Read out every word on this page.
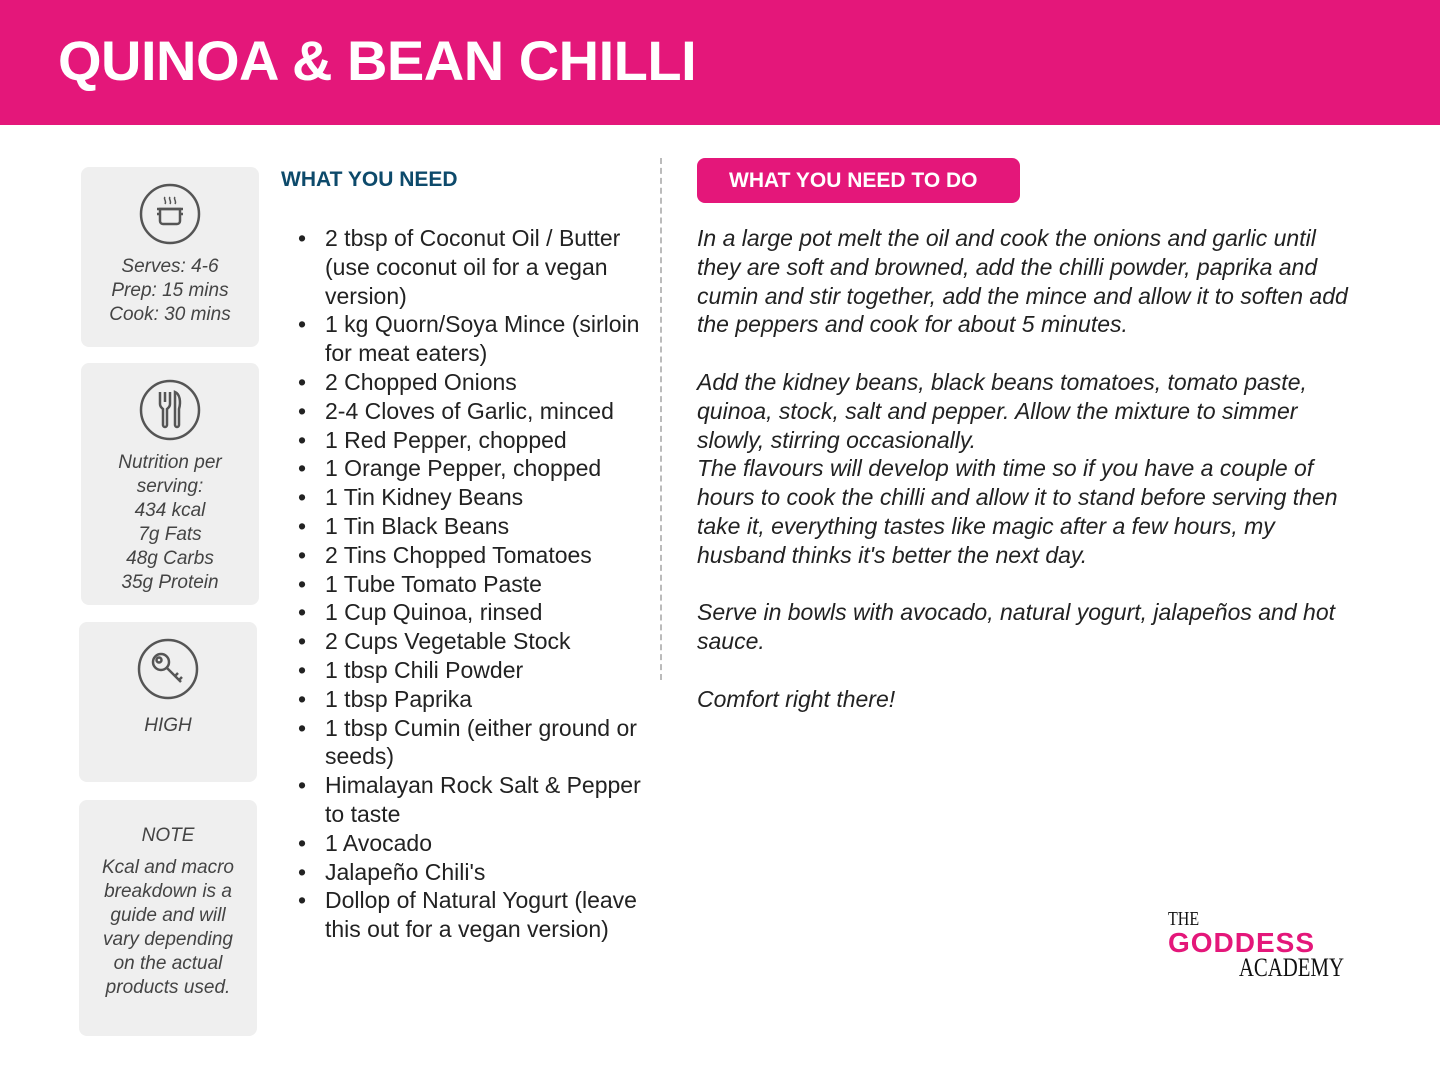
QUINOA & BEAN CHILLI
Serves: 4-6
Prep: 15 mins
Cook: 30 mins
Nutrition per
serving:
434 kcal
7g Fats
48g Carbs
35g Protein
HIGH
NOTE
Kcal and macro breakdown is a guide and will vary depending on the actual products used.
WHAT YOU NEED
• 2 tbsp of Coconut Oil / Butter (use coconut oil for a vegan version)
• 1 kg Quorn/Soya Mince (sirloin for meat eaters)
• 2 Chopped Onions
• 2-4 Cloves of Garlic, minced
• 1 Red Pepper, chopped
• 1 Orange Pepper, chopped
• 1 Tin Kidney Beans
• 1 Tin Black Beans
• 2 Tins Chopped Tomatoes
• 1 Tube Tomato Paste
• 1 Cup Quinoa, rinsed
• 2 Cups Vegetable Stock
• 1 tbsp Chili Powder
• 1 tbsp Paprika
• 1 tbsp Cumin (either ground or seeds)
• Himalayan Rock Salt & Pepper to taste
• 1 Avocado
• Jalapeño Chili's
• Dollop of Natural Yogurt (leave this out for a vegan version)
WHAT YOU NEED TO DO

In a large pot melt the oil and cook the onions and garlic until they are soft and browned, add the chilli powder, paprika and cumin and stir together, add the mince and allow it to soften add the peppers and cook for about 5 minutes.

Add the kidney beans, black beans tomatoes, tomato paste, quinoa, stock, salt and pepper. Allow the mixture to simmer slowly, stirring occasionally.

The flavours will develop with time so if you have a couple of hours to cook the chilli and allow it to stand before serving then take it, everything tastes like magic after a few hours, my husband thinks it's better the next day.

Serve in bowls with avocado, natural yogurt, jalapeños and hot sauce.

Comfort right there!

THE
GODDESS
ACADEMY
